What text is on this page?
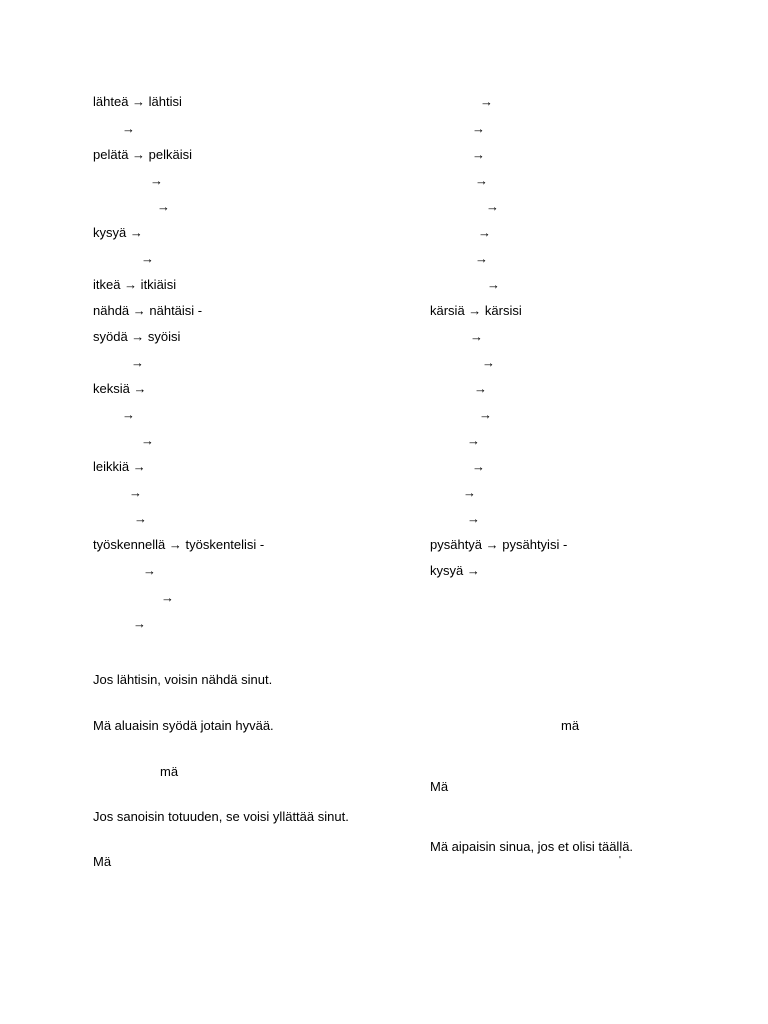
lähteä → lähtisi
→
pelätä → pelkäisi
→
→
kysyä →
→
itkeä → itkiäisi
nähdä → nähtäisi -
syödä → syöisi
→
keksiä →
→
→
leikkiä →
→
→
työskennellä → työskentelisi -
→
→
→
→
→
→
→
→
→
→
→
kärsiä → kärsisi
→
→
→
→
→
→
→
→
pysähtyä → pysähtyisi -
kysyä →
Jos lähtisin, voisin nähdä sinut.
Mä aluaisin syödä jotain hyvää.
mä
Jos sanoisin totuuden, se voisi yllättää sinut.
Mä
mä
Mä
Mä aipaisin sinua, jos et olisi täällä.
'
